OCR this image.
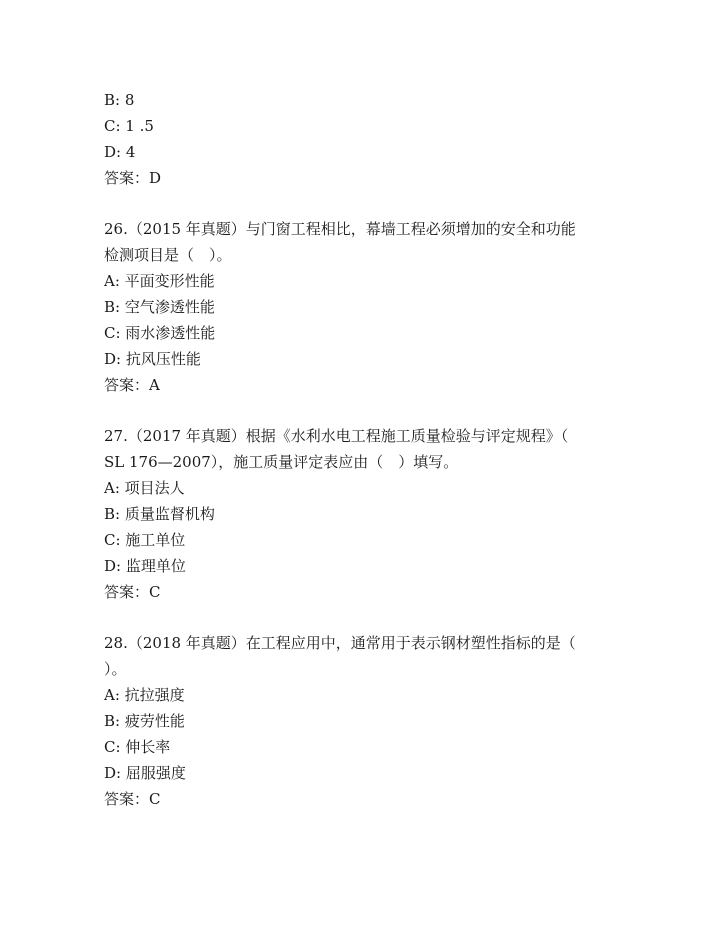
B: 8

C: 1 .5

D: 4

答案：D

26.（2015 年真题）与门窗工程相比，幕墙工程必须增加的安全和功能

检测项目是（　）。

A: 平面变形性能

B: 空气渗透性能

C: 雨水渗透性能

D: 抗风压性能

答案：A

27.（2017 年真题）根据《水利水电工程施工质量检验与评定规程》（

SL 176—2007），施工质量评定表应由（　）填写。

A: 项目法人

B: 质量监督机构

C: 施工单位

D: 监理单位

答案：C

28.（2018 年真题）在工程应用中，通常用于表示钢材塑性指标的是（

）。

A: 抗拉强度

B: 疲劳性能

C: 伸长率

D: 屈服强度

答案：C
